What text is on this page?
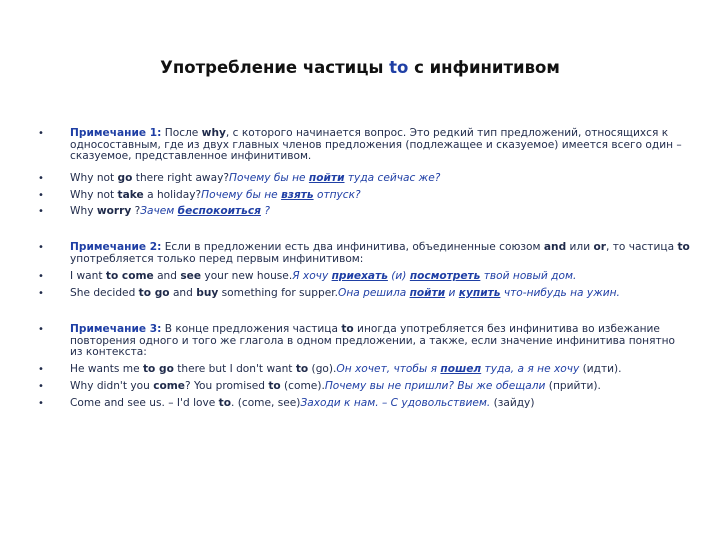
Употребление частицы to с инфинитивом
• Примечание 1: После why, с которого начинается вопрос. Это редкий тип предложений, относящихся к односоставным, где из двух главных членов предложения (подлежащее и сказуемое) имеется всего один – сказуемое, представленное инфинитивом.
• Why not go there right away?Почему бы не пойти туда сейчас же?
• Why not take a holiday?Почему бы не взять отпуск?
• Why worry ?Зачем беспокоиться ?
• Примечание 2: Если в предложении есть два инфинитива, объединенные союзом and или or, то частица to употребляется только перед первым инфинитивом:
• I want to come and see your new house.Я хочу приехать (и) посмотреть твой новый дом.
• She decided to go and buy something for supper.Она решила пойти и купить что-нибудь на ужин.
• Примечание 3: В конце предложения частица to иногда употребляется без инфинитива во избежание повторения одного и того же глагола в одном предложении, а также, если значение инфинитива понятно из контекста:
• He wants me to go there but I don't want to (go).Он хочет, чтобы я пошел туда, а я не хочу (идти).
• Why didn't you come? You promised to (come).Почему вы не пришли? Вы же обещали (прийти).
• Come and see us. – I'd love to. (come, see)Заходи к нам. – С удовольствием. (зайду)
